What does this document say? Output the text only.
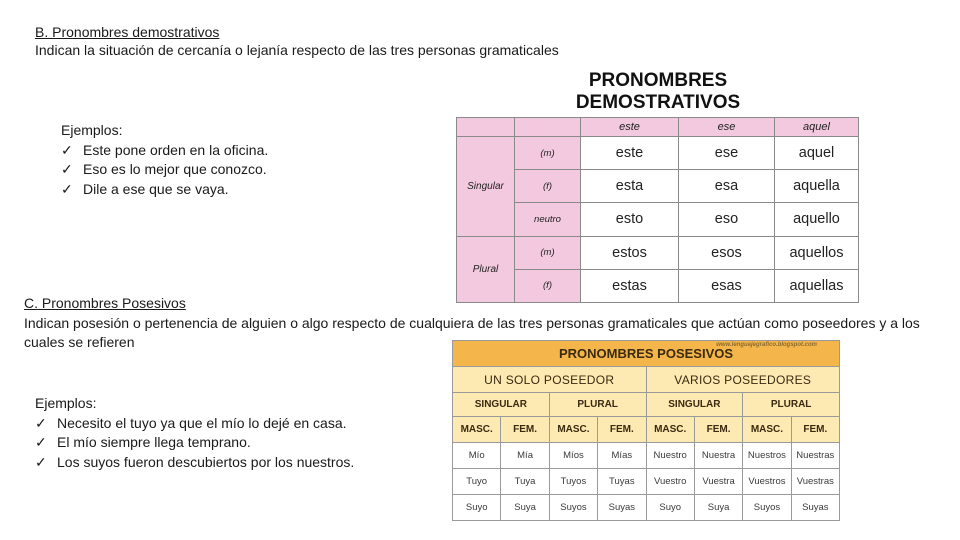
B. Pronombres demostrativos
Indican la situación de cercanía o lejanía respecto de las tres personas gramaticales
Ejemplos:
✓ Este pone orden en la oficina.
✓ Eso es lo mejor que conozco.
✓ Dile a ese que se vaya.
PRONOMBRES
DEMOSTRATIVOS
		este	ese	aquel
Singular	(m)	este	ese	aquel
	(f)	esta	esa	aquella
	neutro	esto	eso	aquello
Plural	(m)	estos	esos	aquellos
	(f)	estas	esas	aquellas
C. Pronombres Posesivos
Indican posesión o pertenencia de alguien o algo respecto de cualquiera de las tres personas gramaticales que actúan como poseedores y a los cuales se refieren
Ejemplos:
✓ Necesito el tuyo ya que el mío lo dejé en casa.
✓ El mío siempre llega temprano.
✓ Los suyos fueron descubiertos por los nuestros.
PRONOMBRES POSESIVOS
www.lenguajegrafico.blogspot.com							

UN SOLO POSEEDOR				VARIOS POSEEDORES			
SINGULAR		PLURAL		SINGULAR		PLURAL	
MASC.	FEM.	MASC.	FEM.	MASC.	FEM.	MASC.	FEM.
Mío	Mía	Míos	Mías	Nuestro	Nuestra	Nuestros	Nuestras
Tuyo	Tuya	Tuyos	Tuyas	Vuestro	Vuestra	Vuestros	Vuestras
Suyo	Suya	Suyos	Suyas	Suyo	Suya	Suyos	Suyas
